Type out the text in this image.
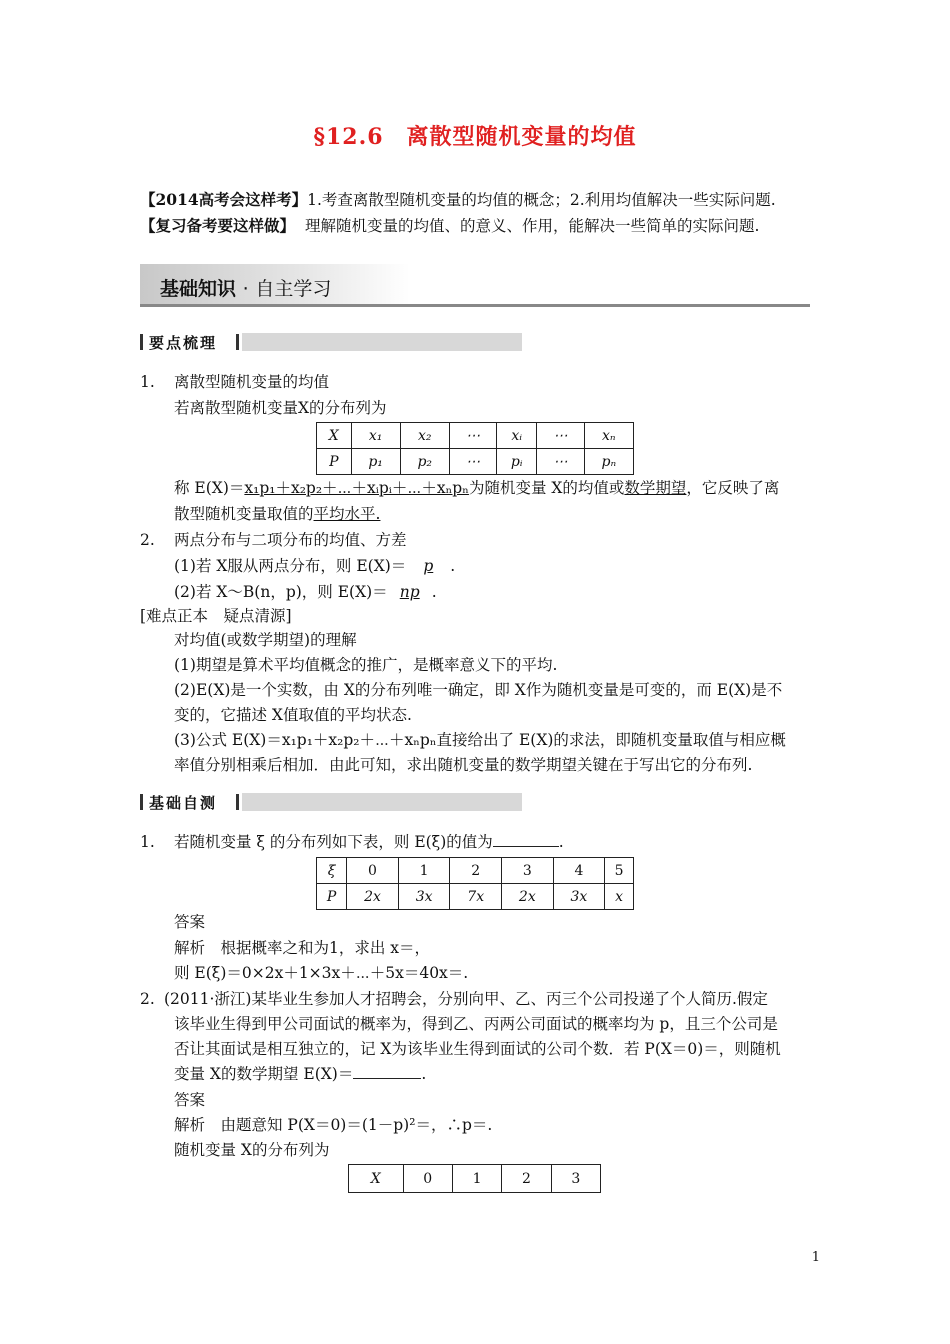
§12.6　离散型随机变量的均值
【2014高考会这样考】1.考查离散型随机变量的均值的概念；2.利用均值解决一些实际问题.
【复习备考要这样做】 理解随机变量的均值、的意义、作用，能解决一些简单的实际问题.
基础知识 · 自主学习
要点梳理
1. 离散型随机变量的均值
若离散型随机变量X的分布列为
X	x₁	x₂	⋯	xᵢ	⋯	xₙ
P	p₁	p₂	⋯	pᵢ	⋯	pₙ
称 E(X)＝x₁p₁＋x₂p₂＋⋯＋xᵢpᵢ＋⋯＋xₙpₙ为随机变量 X的均值或数学期望，它反映了离
散型随机变量取值的平均水平.
2. 两点分布与二项分布的均值、方差
(1)若 X服从两点分布，则 E(X)＝ p .
(2)若 X～B(n，p)，则 E(X)＝ np .
[难点正本　疑点清源]
对均值(或数学期望)的理解
(1)期望是算术平均值概念的推广，是概率意义下的平均.
(2)E(X)是一个实数，由 X的分布列唯一确定，即 X作为随机变量是可变的，而 E(X)是不
变的，它描述 X值取值的平均状态.
(3)公式 E(X)＝x₁p₁＋x₂p₂＋⋯＋xₙpₙ直接给出了 E(X)的求法，即随机变量取值与相应概
率值分别相乘后相加．由此可知，求出随机变量的数学期望关键在于写出它的分布列.
基础自测
1. 若随机变量 ξ 的分布列如下表，则 E(ξ)的值为	.
ξ	0	1	2	3	4	5
P	2x	3x	7x	2x	3x	x
答案
解析　根据概率之和为1，求出 x＝，
则 E(ξ)＝0×2x＋1×3x＋⋯＋5x＝40x＝.
2. (2011·浙江)某毕业生参加人才招聘会，分别向甲、乙、丙三个公司投递了个人简历.假定
该毕业生得到甲公司面试的概率为，得到乙、丙两公司面试的概率均为 p，且三个公司是
否让其面试是相互独立的，记 X为该毕业生得到面试的公司个数．若 P(X＝0)＝，则随机
变量 X的数学期望 E(X)＝	.
答案
解析　由题意知 P(X＝0)＝(1－p)²＝，∴p＝.
随机变量 X的分布列为
X	0	1	2	3
1
